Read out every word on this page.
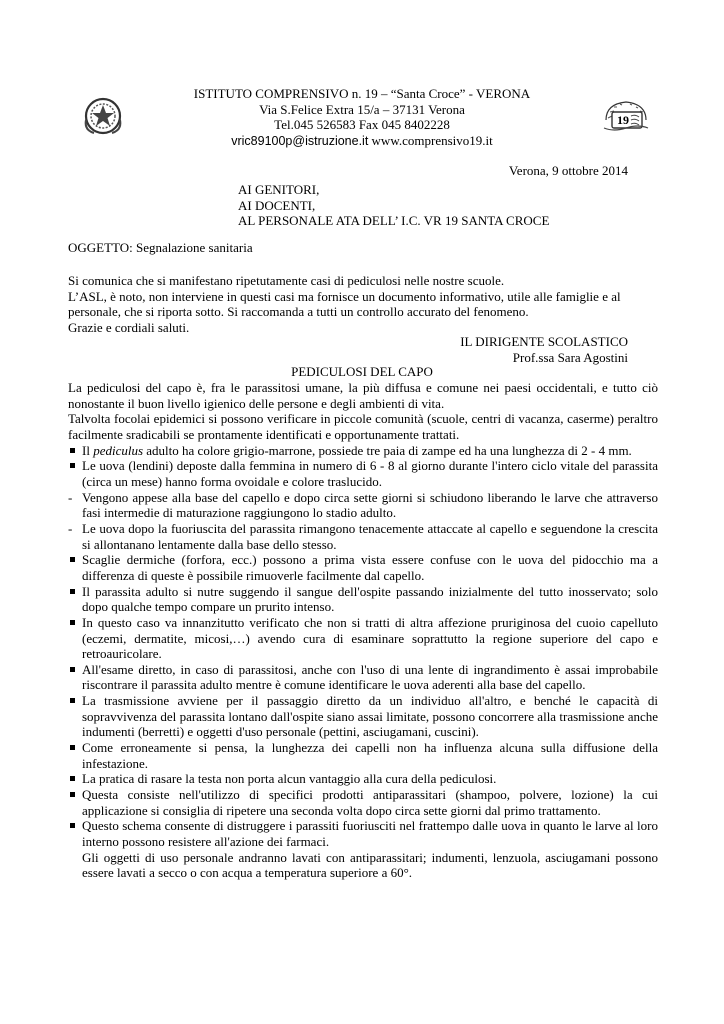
ISTITUTO COMPRENSIVO n. 19 – “Santa Croce” - VERONA
Via S.Felice Extra 15/a – 37131 Verona
Tel.045 526583 Fax 045 8402228
vric89100p@istruzione.it www.comprensivo19.it
19
Verona, 9 ottobre 2014
AI GENITORI,
AI DOCENTI,
AL PERSONALE ATA DELL’ I.C. VR 19 SANTA CROCE
OGGETTO: Segnalazione sanitaria
Si comunica che si manifestano ripetutamente casi di pediculosi nelle nostre scuole.
L’ASL, è noto, non interviene in questi casi ma fornisce un documento informativo, utile alle famiglie e al
personale, che si riporta sotto. Si raccomanda a tutti un controllo accurato del fenomeno.
Grazie e cordiali saluti.
IL DIRIGENTE SCOLASTICO
Prof.ssa Sara Agostini
PEDICULOSI DEL CAPO
La pediculosi del capo è, fra le parassitosi umane, la più diffusa e comune nei paesi occidentali, e tutto ciò nonostante il buon livello igienico delle persone e degli ambienti di vita.
Talvolta focolai epidemici si possono verificare in piccole comunità (scuole, centri di vacanza, caserme) peraltro facilmente sradicabili se prontamente identificati e opportunamente trattati.
Il pediculus adulto ha colore grigio-marrone, possiede tre paia di zampe ed ha una lunghezza di 2 - 4 mm.
Le uova (lendini) deposte dalla femmina in numero di 6 - 8 al giorno durante l'intero ciclo vitale del parassita (circa un mese) hanno forma ovoidale e colore traslucido.
- Vengono appese alla base del capello e dopo circa sette giorni si schiudono liberando le larve che attraverso fasi intermedie di maturazione raggiungono lo stadio adulto.
- Le uova dopo la fuoriuscita del parassita rimangono tenacemente attaccate al capello e seguendone la crescita si allontanano lentamente dalla base dello stesso.
Scaglie dermiche (forfora, ecc.) possono a prima vista essere confuse con le uova del pidocchio ma a differenza di queste è possibile rimuoverle facilmente dal capello.
Il parassita adulto si nutre suggendo il sangue dell'ospite passando inizialmente del tutto inosservato; solo dopo qualche tempo compare un prurito intenso.
In questo caso va innanzitutto verificato che non si tratti di altra affezione pruriginosa del cuoio capelluto (eczemi, dermatite, micosi,…) avendo cura di esaminare soprattutto la regione superiore del capo e retroauricolare.
All'esame diretto, in caso di parassitosi, anche con l'uso di una lente di ingrandimento è assai improbabile riscontrare il parassita adulto mentre è comune identificare le uova aderenti alla base del capello.
La trasmissione avviene per il passaggio diretto da un individuo all'altro, e benché le capacità di sopravvivenza del parassita lontano dall'ospite siano assai limitate, possono concorrere alla trasmissione anche indumenti (berretti) e oggetti d'uso personale (pettini, asciugamani, cuscini).
Come erroneamente si pensa, la lunghezza dei capelli non ha influenza alcuna sulla diffusione della infestazione.
La pratica di rasare la testa non porta alcun vantaggio alla cura della pediculosi.
Questa consiste nell'utilizzo di specifici prodotti antiparassitari (shampoo, polvere, lozione) la cui applicazione si consiglia di ripetere una seconda volta dopo circa sette giorni dal primo trattamento.
Questo schema consente di distruggere i parassiti fuoriusciti nel frattempo dalle uova in quanto le larve al loro interno possono resistere all'azione dei farmaci.
Gli oggetti di uso personale andranno lavati con antiparassitari; indumenti, lenzuola, asciugamani possono essere lavati a secco o con acqua a temperatura superiore a 60°.
